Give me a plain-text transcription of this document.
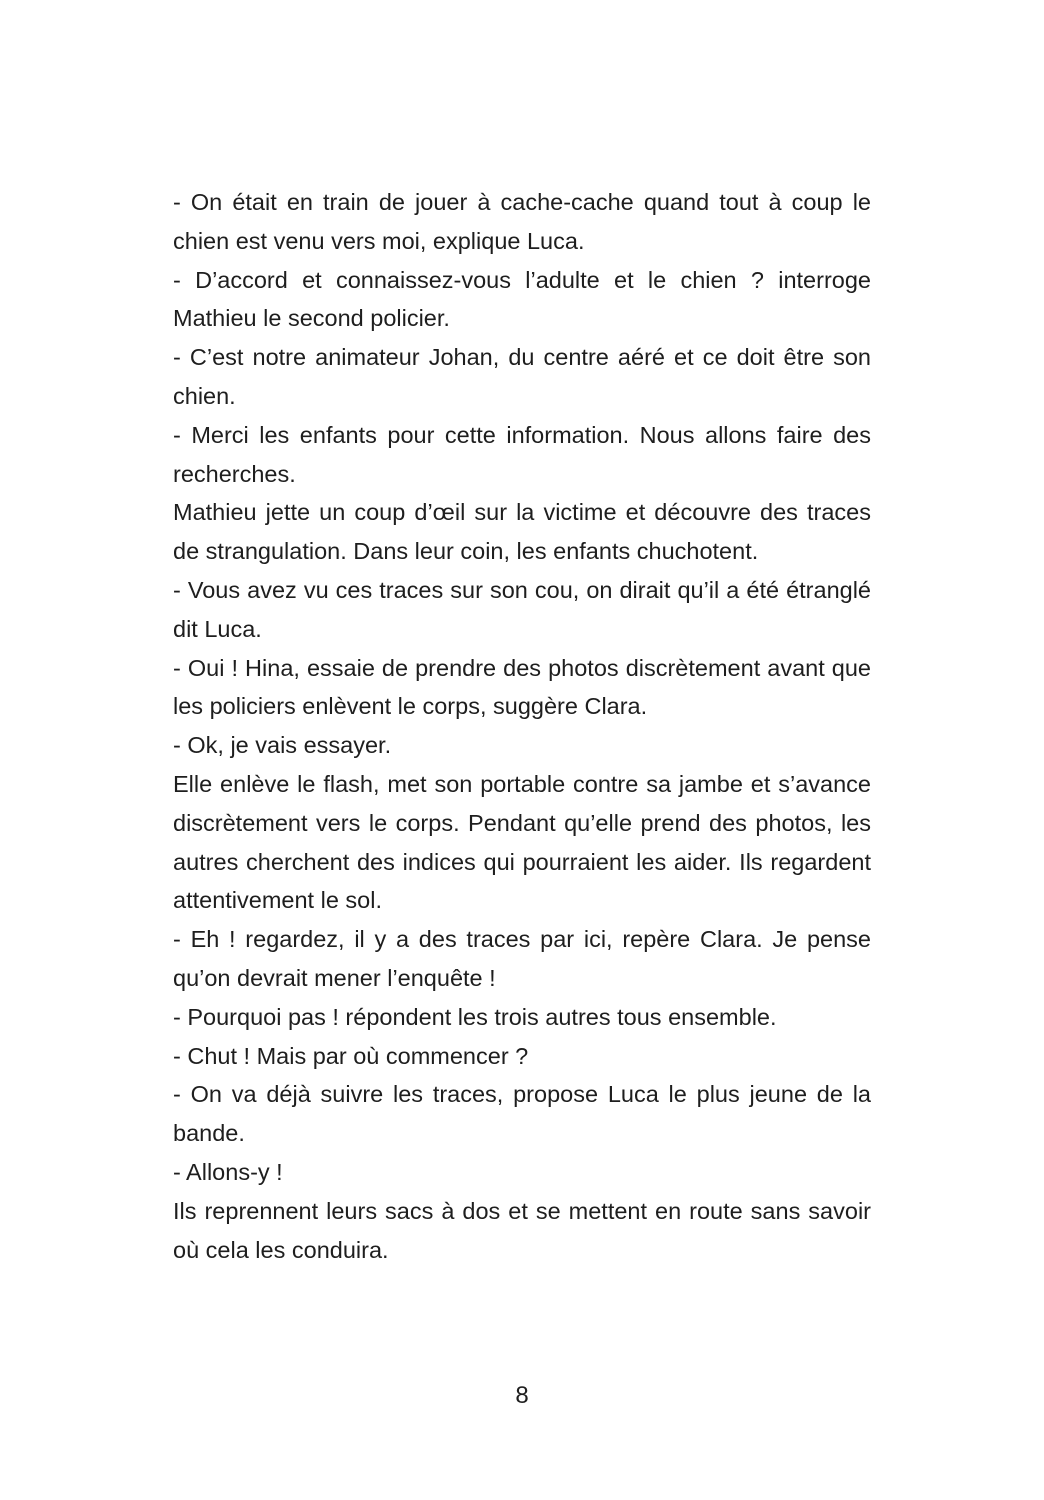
- On était en train de jouer à cache-cache quand tout à coup le chien est venu vers moi, explique Luca.

- D’accord et connaissez-vous l’adulte et le chien ? interroge Mathieu le second policier.

- C’est notre animateur Johan, du centre aéré et ce doit être son chien.

- Merci les enfants pour cette information. Nous allons faire des recherches.

Mathieu jette un coup d’œil sur la victime et découvre des traces de strangulation. Dans leur coin, les enfants chuchotent.

- Vous avez vu ces traces sur son cou, on dirait qu’il a été étranglé dit Luca.

- Oui ! Hina, essaie de prendre des photos discrètement avant que les policiers enlèvent le corps, suggère Clara.

- Ok, je vais essayer.

Elle enlève le flash, met son portable contre sa jambe et s’avance discrètement vers le corps. Pendant qu’elle prend des photos, les autres cherchent des indices qui pourraient les aider. Ils regardent attentivement le sol.

- Eh ! regardez, il y a des traces par ici, repère Clara. Je pense qu’on devrait mener l’enquête !

- Pourquoi pas ! répondent les trois autres tous ensemble.

- Chut ! Mais par où commencer ?

- On va déjà suivre les traces, propose Luca le plus jeune de la bande.

- Allons-y !

Ils reprennent leurs sacs à dos et se mettent en route sans savoir où cela les conduira.

8
